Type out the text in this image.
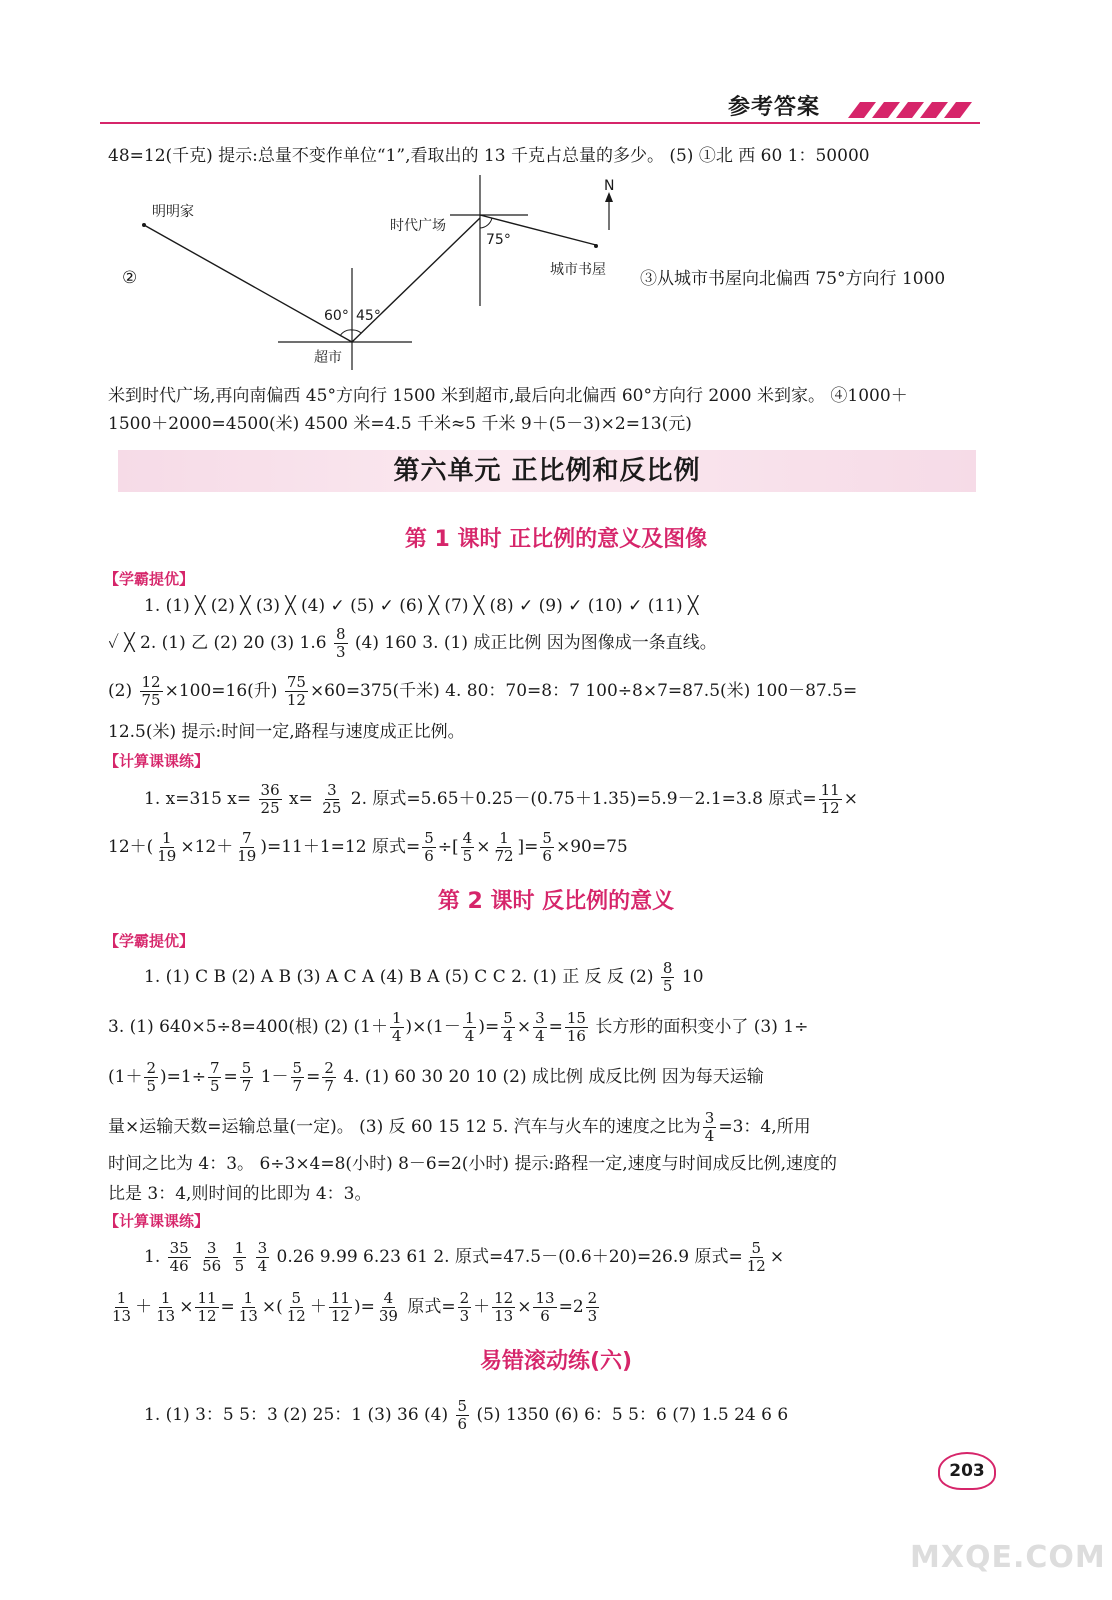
参考答案
48=12(千克) 提示:总量不变作单位“1”,看取出的 13 千克占总量的多少。 (5) ①北 西 60 1：50000
N
明明家
时代广场
城市书屋
超市
75°
60° 45°
②	③从城市书屋向北偏西 75°方向行 1000
米到时代广场,再向南偏西 45°方向行 1500 米到超市,最后向北偏西 60°方向行 2000 米到家。 ④1000＋
1500＋2000=4500(米) 4500 米=4.5 千米≈5 千米 9＋(5－3)×2=13(元)
第六单元 正比例和反比例
第 1 课时 正比例的意义及图像
【学霸提优】
1. (1) ╳ (2) ╳ (3) ╳ (4) ✓ (5) ✓ (6) ╳ (7) ╳ (8) ✓ (9) ✓ (10) ✓ (11) ╳
✓ ╳ 2. (1) 乙 (2) 20 (3) $1.6 \frac{8}{3} (4)$ 160 3. (1) 成正比例 因为图像成一条直线。
$(2) \frac{12}{75} \times 100=16$(升) $\frac{75}{12} \times 60=375$(千米) 4. 80：70=8：7 100÷8×7=87.5(米) 100－87.5=
12.5(米) 提示:时间一定,路程与速度成正比例。
【计算课课练】
1. x=315 $x= \frac{36}{25} x= \frac{3}{25} 2$. 原式=5.65＋0.25－(0.75＋1.35)=5.9－2.1=3.8 原式= $\frac{11}{12}$ ×
$12+( \frac{1}{19} \times 12+ \frac{7}{19} )=11+1=12$ 原式= $\frac{5}{6}$ ÷[ $\frac{4}{5} \times \frac{1}{72}$ ]= $\frac{5}{6} \times 90=75$
第 2 课时 反比例的意义
【学霸提优】
1. (1) C B (2) A B (3) A C A (4) B A (5) C C 2. (1) 正 反 反 $(2) \frac{8}{5} 10$
3. (1) 640×5÷8=400(根) (2) $(1+ \frac{1}{4} )\times(1- \frac{1}{4}$ )= $\frac{5}{4} \times \frac{3}{4} = \frac{15}{16}$ 长方形的面积变小了 (3) 1÷
$(1+ \frac{2}{5} )=1\div \frac{7}{5} = \frac{5}{7} 1- \frac{5}{7} = \frac{2}{7} 4$. (1) 60 30 20 10 (2) 成比例 成反比例 因为每天运输
量×运输天数=运输总量(一定)。 (3) 反 60 15 12 5. 汽车与火车的速度之比为 $\frac{3}{4} =3$：4,所用
时间之比为 4：3。 6÷3×4=8(小时) 8－6=2(小时) 提示:路程一定,速度与时间成反比例,速度的
比是 3：4,则时间的比即为 4：3。
【计算课课练】
1. $\frac{35}{46}$
$\frac{3}{56}$
$\frac{1}{5}$
$\frac{3}{4} 0.26$ 9.99 6.23 61 2. 原式=47.5－(0.6＋20)=26.9 原式= $\frac{5}{12}$ ×
$\frac{1}{13} + \frac{1}{13} \times \frac{11}{12} = \frac{1}{13}$ ×( $\frac{5}{12} + \frac{11}{12}$ )= $\frac{4}{39}$ 原式= $\frac{2}{3} + \frac{12}{13} \times \frac{13}{6} =2 \frac{2}{3}$
易错滚动练(六)
1. (1) 3：5 5：3 (2) 25：1 (3) 36 $(4) \frac{5}{6} (5)$ 1350 (6) 6：5 5：6 (7) 1.5 24 6 6
203
MXQE.COM
